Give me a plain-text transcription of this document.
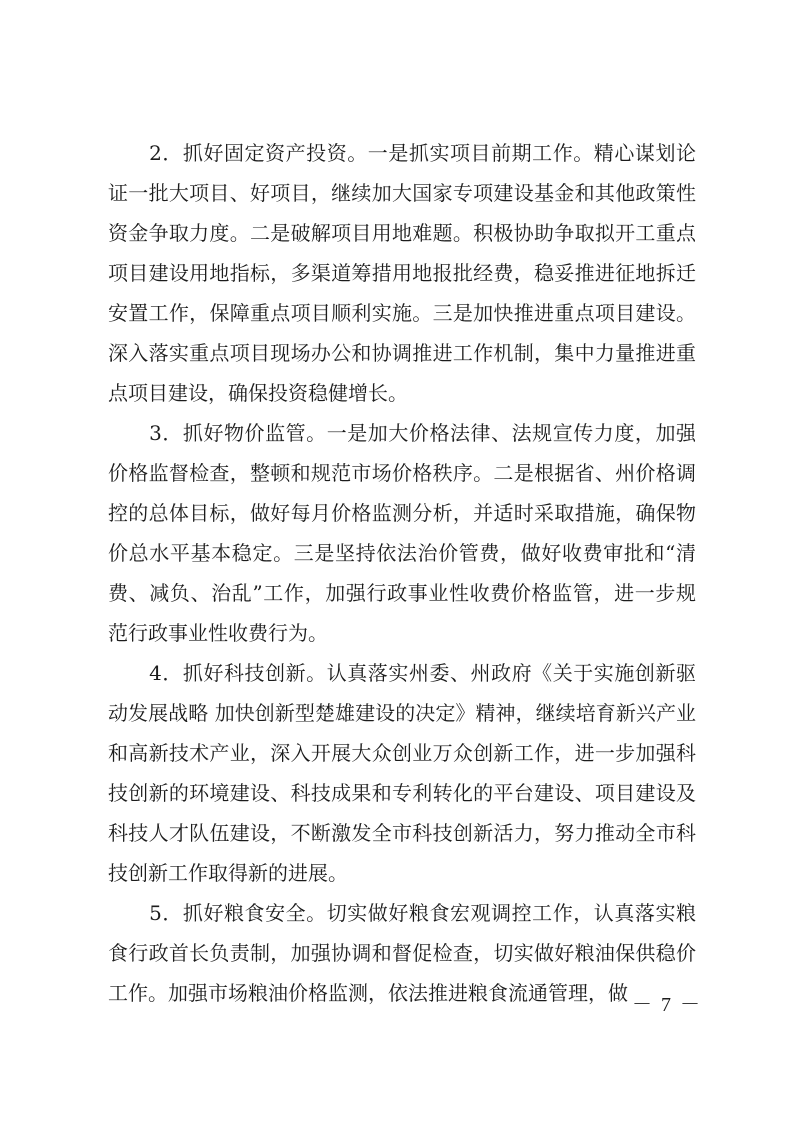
　　2．抓好固定资产投资。一是抓实项目前期工作。精心谋划论证一批大项目、好项目，继续加大国家专项建设基金和其他政策性资金争取力度。二是破解项目用地难题。积极协助争取拟开工重点项目建设用地指标，多渠道筹措用地报批经费，稳妥推进征地拆迁安置工作，保障重点项目顺利实施。三是加快推进重点项目建设。深入落实重点项目现场办公和协调推进工作机制，集中力量推进重点项目建设，确保投资稳健增长。

　　3．抓好物价监管。一是加大价格法律、法规宣传力度，加强价格监督检查，整顿和规范市场价格秩序。二是根据省、州价格调控的总体目标，做好每月价格监测分析，并适时采取措施，确保物价总水平基本稳定。三是坚持依法治价管费，做好收费审批和“清费、减负、治乱”工作，加强行政事业性收费价格监管，进一步规范行政事业性收费行为。

　　4．抓好科技创新。认真落实州委、州政府《关于实施创新驱动发展战略 加快创新型楚雄建设的决定》精神，继续培育新兴产业和高新技术产业，深入开展大众创业万众创新工作，进一步加强科技创新的环境建设、科技成果和专利转化的平台建设、项目建设及科技人才队伍建设，不断激发全市科技创新活力，努力推动全市科技创新工作取得新的进展。

　　5．抓好粮食安全。切实做好粮食宏观调控工作，认真落实粮食行政首长负责制，加强协调和督促检查，切实做好粮油保供稳价工作。加强市场粮油价格监测，依法推进粮食流通管理，做 － 7 －
